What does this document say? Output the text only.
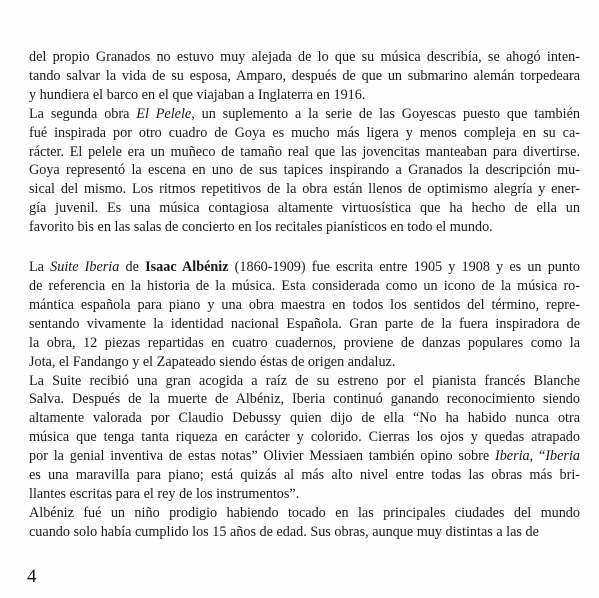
del propio Granados no estuvo muy alejada de lo que su música describía, se ahogó inten-
tando salvar la vida de su esposa, Amparo, después de que un submarino alemán torpedeara
y hundiera el barco en el que viajaban a Inglaterra en 1916.

La segunda obra El Pelele, un suplemento a la serie de las Goyescas puesto que también
fué inspirada por otro cuadro de Goya es mucho más ligera y menos compleja en su ca-
rácter. El pelele era un muñeco de tamaño real que las jovencitas manteaban para divertirse.
Goya representó la escena en uno de sus tapices inspirando a Granados la descripción mu-
sical del mismo. Los ritmos repetitivos de la obra están llenos de optimismo alegría y ener-
gía juvenil. Es una música contagiosa altamente virtuosística que ha hecho de ella un
favorito bis en las salas de concierto en los recitales pianísticos en todo el mundo.

La Suite Iberia de Isaac Albéniz (1860-1909) fue escrita entre 1905 y 1908 y es un punto
de referencia en la historia de la música. Esta considerada como un icono de la música ro-
mántica española para piano y una obra maestra en todos los sentidos del término, repre-
sentando vivamente la identidad nacional Española. Gran parte de la fuera inspiradora de
la obra, 12 piezas repartidas en cuatro cuadernos, proviene de danzas populares como la
Jota, el Fandango y el Zapateado siendo éstas de origen andaluz.

La Suite recibió una gran acogida a raíz de su estreno por el pianista francés Blanche
Salva. Después de la muerte de Albéniz, Iberia continuó ganando reconocimiento siendo
altamente valorada por Claudio Debussy quien dijo de ella “No ha habido nunca otra
música que tenga tanta riqueza en carácter y colorido. Cierras los ojos y quedas atrapado
por la genial inventiva de estas notas” Olivier Messiaen también opino sobre Iberia, “Iberia
es una maravilla para piano; está quizás al más alto nivel entre todas las obras más bri-
llantes escritas para el rey de los instrumentos”.

Albéniz fué un niño prodigio habiendo tocado en las principales ciudades del mundo
cuando solo había cumplido los 15 años de edad. Sus obras, aunque muy distintas a las de

4
